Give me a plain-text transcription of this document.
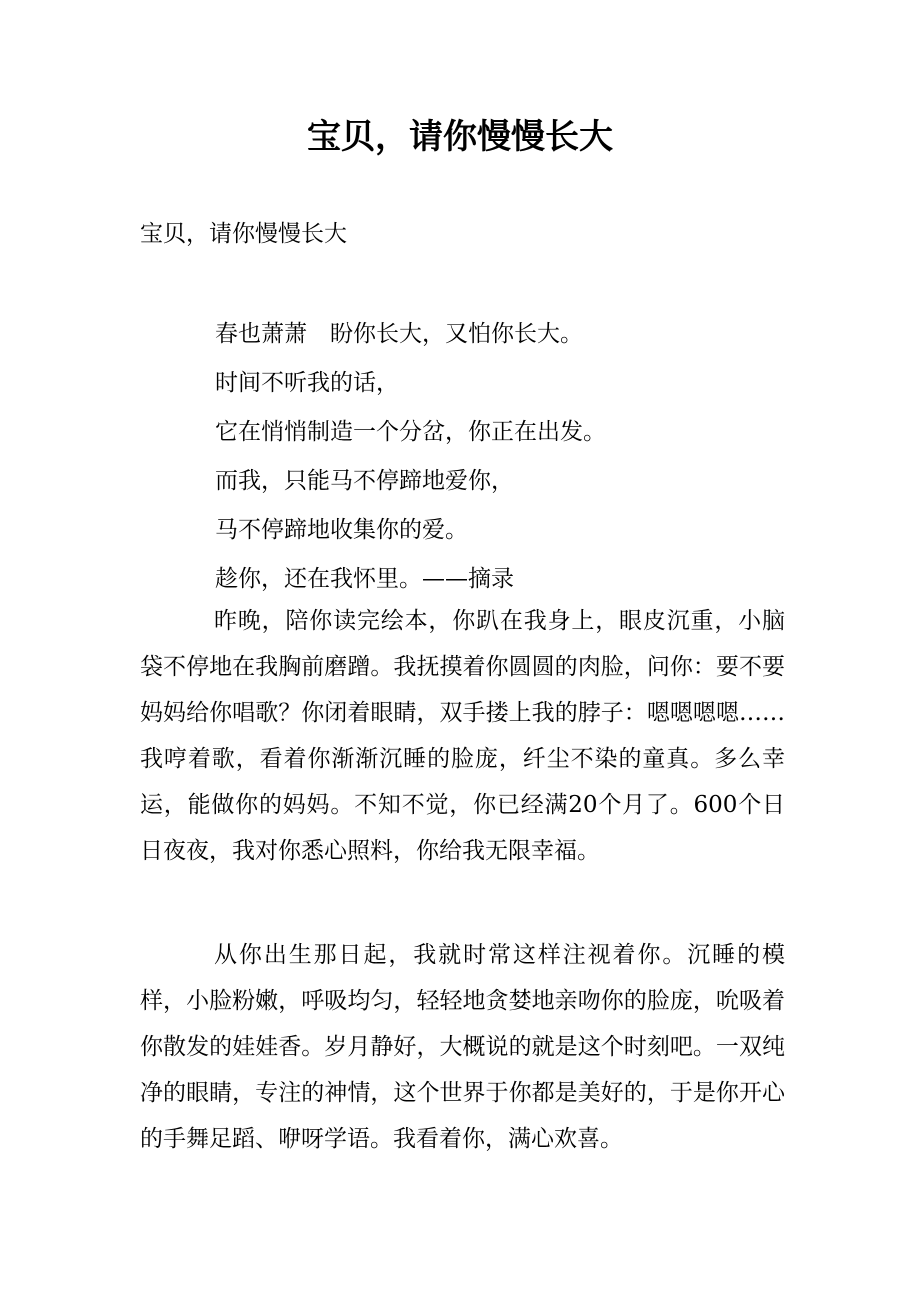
宝贝，请你慢慢长大

宝贝，请你慢慢长大

春也萧萧　盼你长大，又怕你长大。

时间不听我的话，

它在悄悄制造一个分岔，你正在出发。

而我，只能马不停蹄地爱你，

马不停蹄地收集你的爱。

趁你，还在我怀里。——摘录

昨晚，陪你读完绘本，你趴在我身上，眼皮沉重，小脑袋不停地在我胸前磨蹭。我抚摸着你圆圆的肉脸，问你：要不要妈妈给你唱歌？你闭着眼睛，双手搂上我的脖子：嗯嗯嗯嗯……我哼着歌，看着你渐渐沉睡的脸庞，纤尘不染的童真。多么幸运，能做你的妈妈。不知不觉，你已经满20个月了。600个日日夜夜，我对你悉心照料，你给我无限幸福。

从你出生那日起，我就时常这样注视着你。沉睡的模样，小脸粉嫩，呼吸均匀，轻轻地贪婪地亲吻你的脸庞，吮吸着你散发的娃娃香。岁月静好，大概说的就是这个时刻吧。一双纯净的眼睛，专注的神情，这个世界于你都是美好的，于是你开心的手舞足蹈、咿呀学语。我看着你，满心欢喜。
